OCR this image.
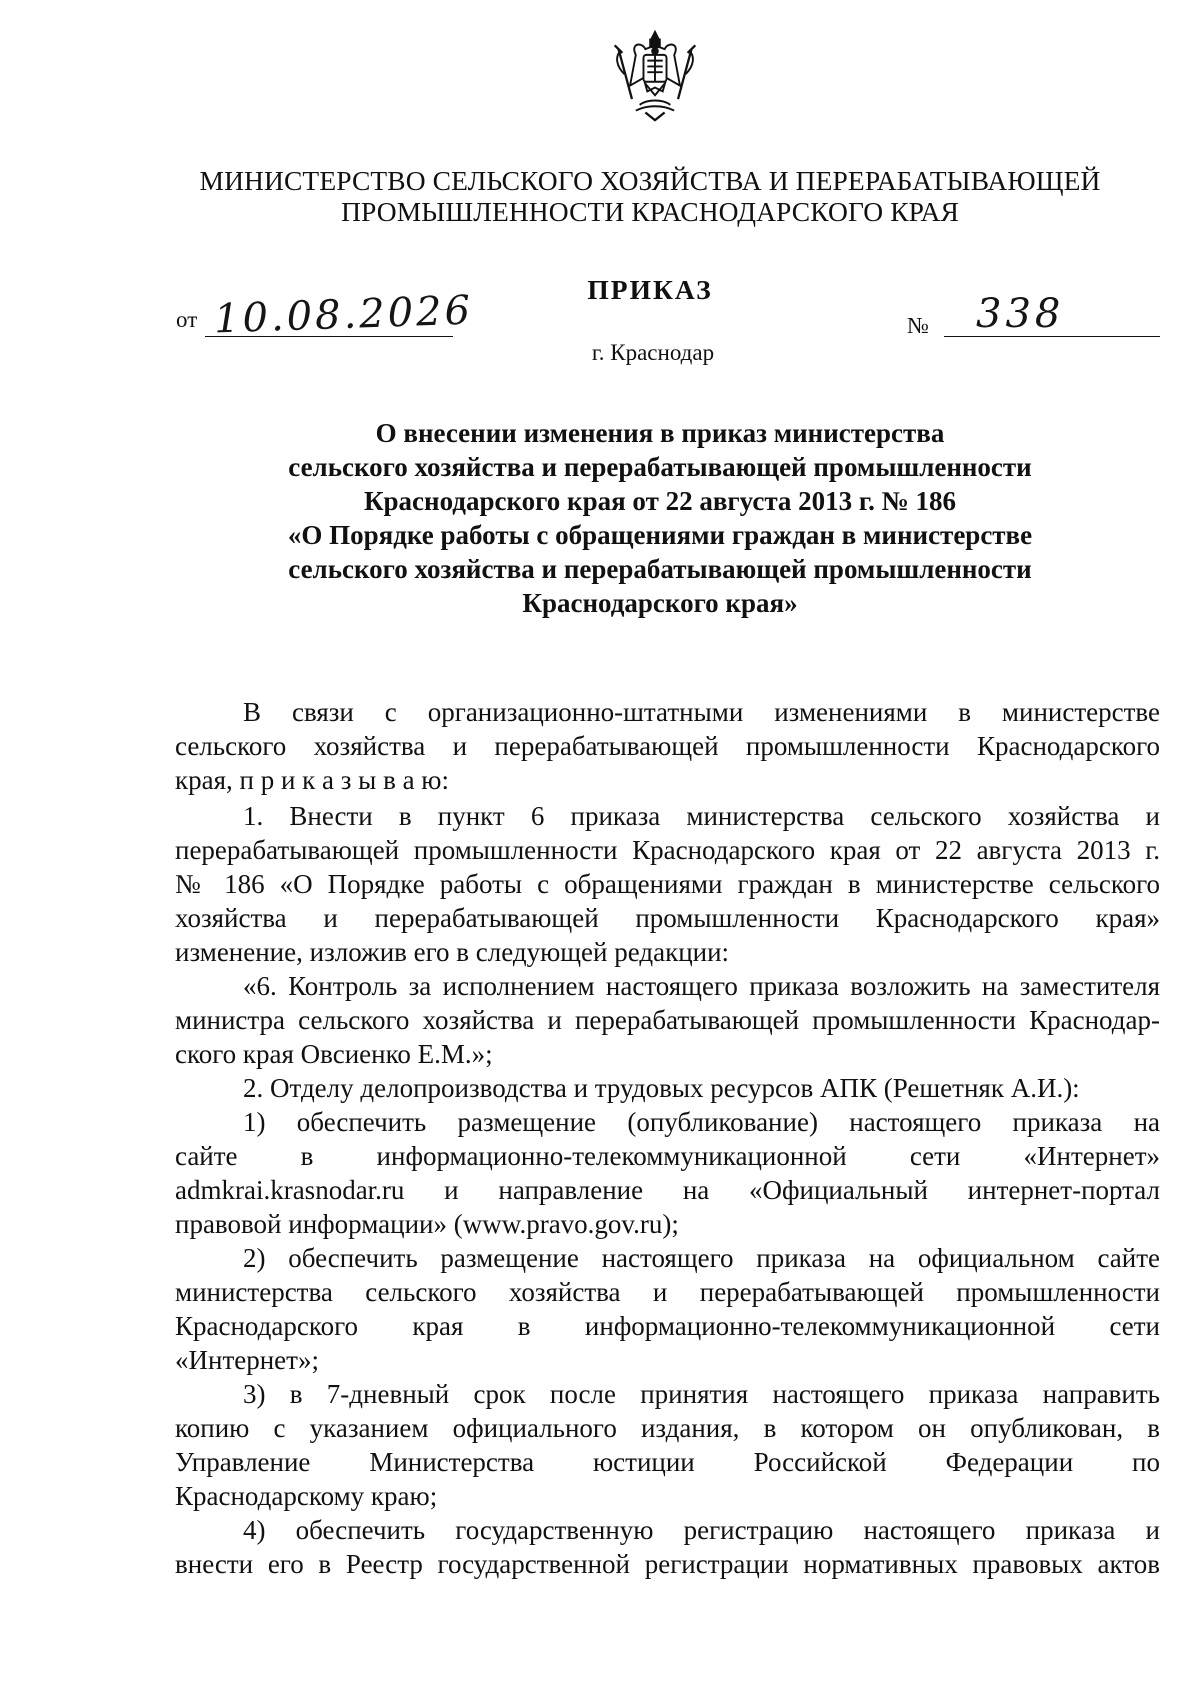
МИНИСТЕРСТВО СЕЛЬСКОГО ХОЗЯЙСТВА И ПЕРЕРАБАТЫВАЮЩЕЙ
ПРОМЫШЛЕННОСТИ КРАСНОДАРСКОГО КРАЯ
ПРИКАЗ
от 10.08.2026	№ 338
г. Краснодар
О внесении изменения в приказ министерства
сельского хозяйства и перерабатывающей промышленности
Краснодарского края от 22 августа 2013 г. № 186
«О Порядке работы с обращениями граждан в министерстве
сельского хозяйства и перерабатывающей промышленности
Краснодарского края»
В связи с организационно-штатными изменениями в министерстве
сельского хозяйства и перерабатывающей промышленности Краснодарского
края, п р и к а з ы в а ю:
1. Внести в пункт 6 приказа министерства сельского хозяйства и
перерабатывающей промышленности Краснодарского края от 22 августа 2013 г.
№ 186 «О Порядке работы с обращениями граждан в министерстве сельского
хозяйства и перерабатывающей промышленности Краснодарского края»
изменение, изложив его в следующей редакции:
«6. Контроль за исполнением настоящего приказа возложить на заместителя
министра сельского хозяйства и перерабатывающей промышленности Краснодар-
ского края Овсиенко Е.М.»;
2. Отделу делопроизводства и трудовых ресурсов АПК (Решетняк А.И.):
1) обеспечить размещение (опубликование) настоящего приказа на
сайте в информационно-телекоммуникационной сети «Интернет»
admkrai.krasnodar.ru и направление на «Официальный интернет-портал
правовой информации» (www.pravo.gov.ru);
2) обеспечить размещение настоящего приказа на официальном сайте
министерства сельского хозяйства и перерабатывающей промышленности
Краснодарского края в информационно-телекоммуникационной сети
«Интернет»;
3) в 7-дневный срок после принятия настоящего приказа направить
копию с указанием официального издания, в котором он опубликован, в
Управление Министерства юстиции Российской Федерации по
Краснодарскому краю;
4) обеспечить государственную регистрацию настоящего приказа и
внести его в Реестр государственной регистрации нормативных правовых актов
